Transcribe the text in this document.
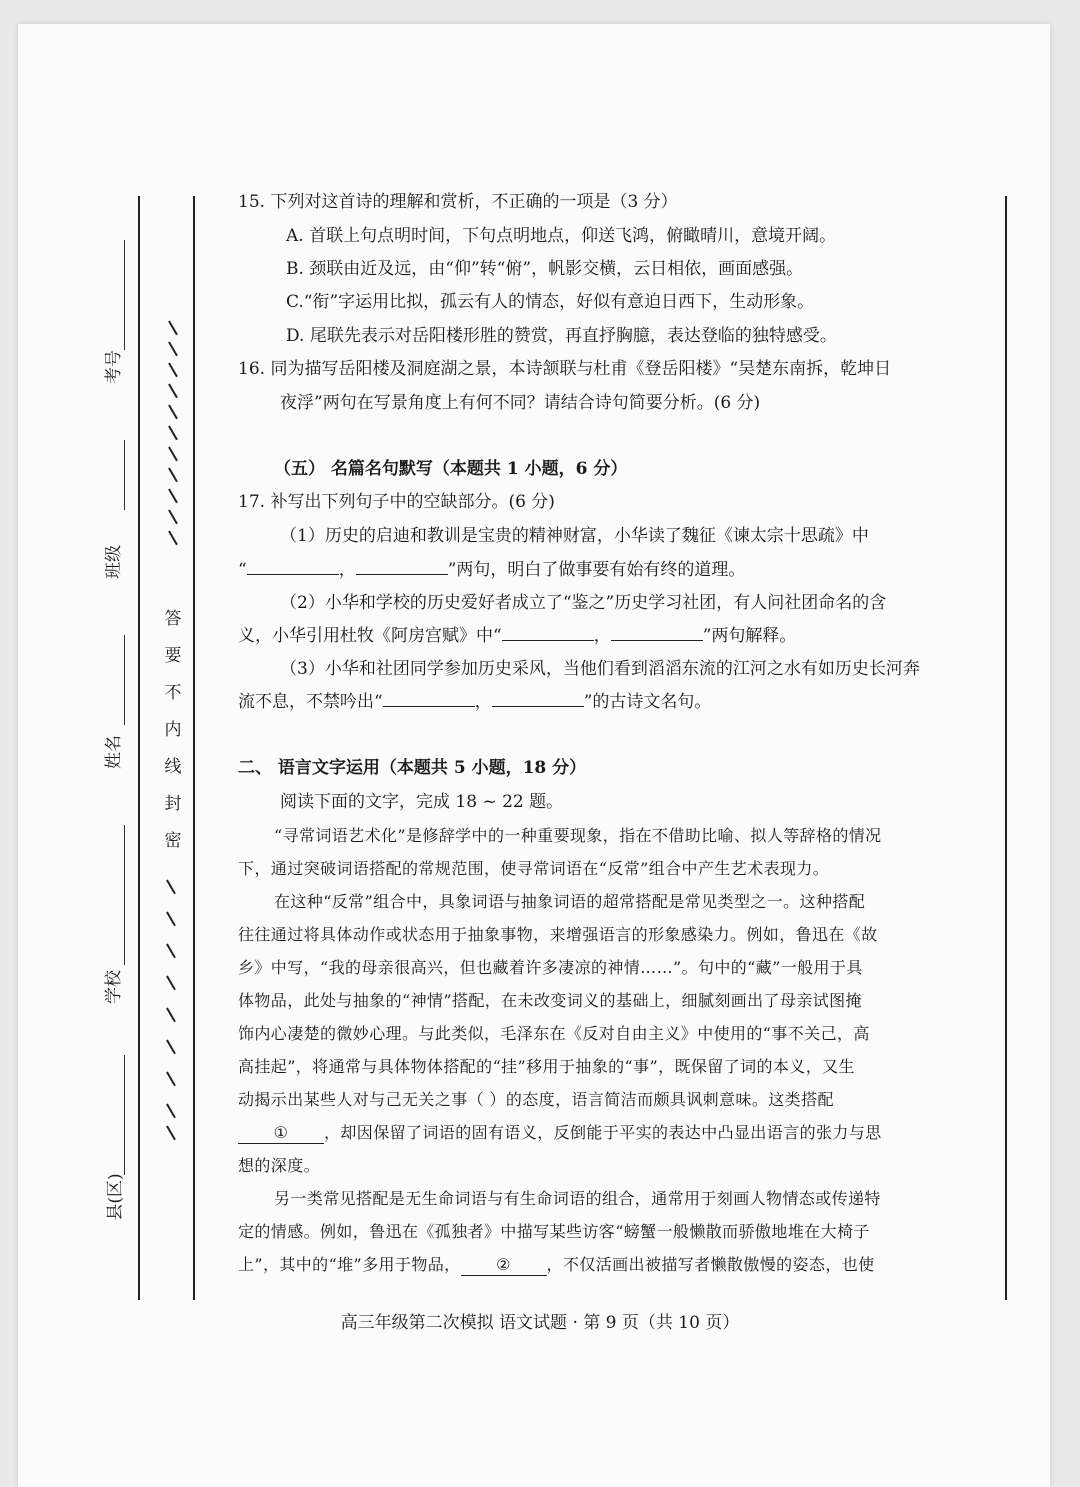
考号
班级
姓名
学校
县(区)
答
要
不
内
线
封
密
15. 下列对这首诗的理解和赏析，不正确的一项是（3 分）
A. 首联上句点明时间，下句点明地点，仰送飞鸿，俯瞰晴川，意境开阔。
B. 颈联由近及远，由“仰”转“俯”，帆影交横，云日相依，画面感强。
C.“衔”字运用比拟，孤云有人的情态，好似有意迫日西下，生动形象。
D. 尾联先表示对岳阳楼形胜的赞赏，再直抒胸臆，表达登临的独特感受。
16. 同为描写岳阳楼及洞庭湖之景，本诗颔联与杜甫《登岳阳楼》“吴楚东南拆，乾坤日
夜浮”两句在写景角度上有何不同？请结合诗句简要分析。(6 分)
（五） 名篇名句默写（本题共 1 小题，6 分）
17. 补写出下列句子中的空缺部分。(6 分)
（1）历史的启迪和教训是宝贵的精神财富，小华读了魏征《谏太宗十思疏》中
“	，	”两句，明白了做事要有始有终的道理。
（2）小华和学校的历史爱好者成立了“鉴之”历史学习社团，有人问社团命名的含
义，小华引用杜牧《阿房宫赋》中“	，	”两句解释。
（3）小华和社团同学参加历史采风，当他们看到滔滔东流的江河之水有如历史长河奔
流不息，不禁吟出“	，	”的古诗文名句。
二、 语言文字运用（本题共 5 小题，18 分）
阅读下面的文字，完成 18 ~ 22 题。
“寻常词语艺术化”是修辞学中的一种重要现象，指在不借助比喻、拟人等辞格的情况
下，通过突破词语搭配的常规范围，使寻常词语在“反常”组合中产生艺术表现力。
在这种“反常”组合中，具象词语与抽象词语的超常搭配是常见类型之一。这种搭配
往往通过将具体动作或状态用于抽象事物，来增强语言的形象感染力。例如，鲁迅在《故
乡》中写，“我的母亲很高兴，但也藏着许多凄凉的神情……”。句中的“藏”一般用于具
体物品，此处与抽象的“神情”搭配，在未改变词义的基础上，细腻刻画出了母亲试图掩
饰内心凄楚的微妙心理。与此类似，毛泽东在《反对自由主义》中使用的“事不关己，高
高挂起”，将通常与具体物体搭配的“挂”移用于抽象的“事”，既保留了词的本义，又生
动揭示出某些人对与己无关之事（ ）的态度，语言简洁而颇具讽刺意味。这类搭配
① ，却因保留了词语的固有语义，反倒能于平实的表达中凸显出语言的张力与思
想的深度。
另一类常见搭配是无生命词语与有生命词语的组合，通常用于刻画人物情态或传递特
定的情感。例如，鲁迅在《孤独者》中描写某些访客“螃蟹一般懒散而骄傲地堆在大椅子
上”，其中的“堆”多用于物品， ② ，不仅活画出被描写者懒散傲慢的姿态，也使
高三年级第二次模拟 语文试题 · 第 9 页（共 10 页）
